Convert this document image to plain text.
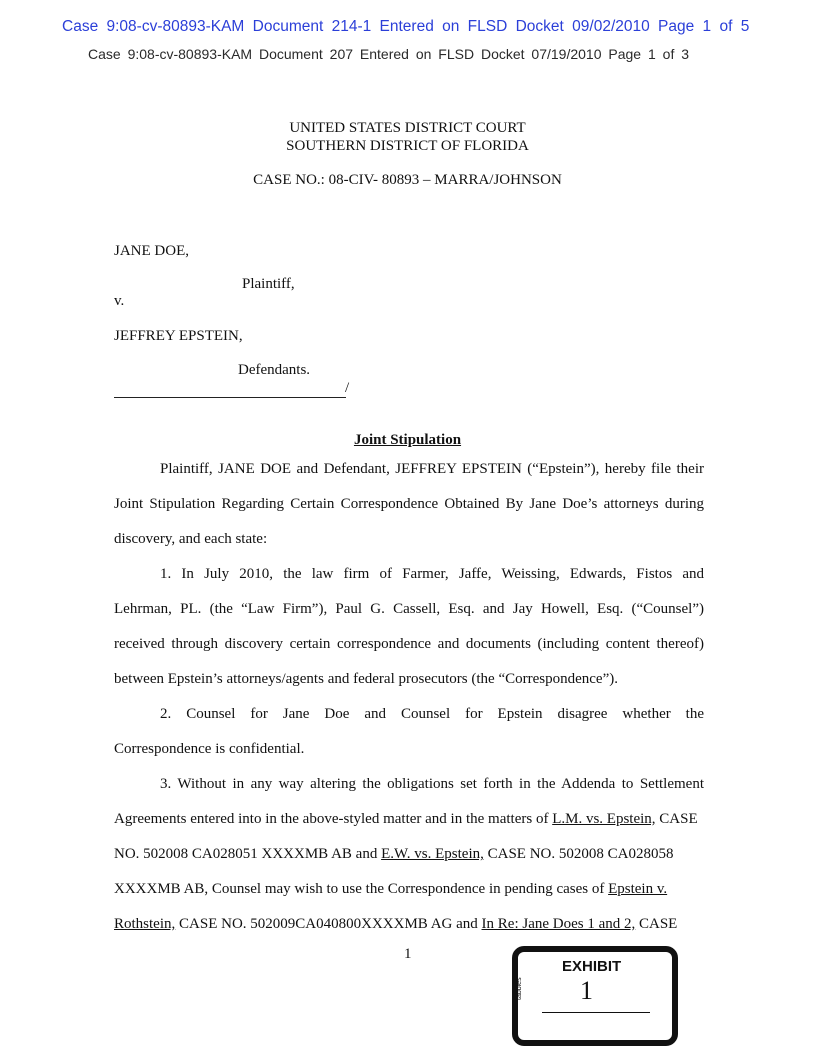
Case 9:08-cv-80893-KAM Document 214-1 Entered on FLSD Docket 09/02/2010 Page 1 of 5
Case 9:08-cv-80893-KAM Document 207 Entered on FLSD Docket 07/19/2010 Page 1 of 3
UNITED STATES DISTRICT COURT
SOUTHERN DISTRICT OF FLORIDA
CASE NO.: 08-CIV- 80893 – MARRA/JOHNSON
JANE DOE,
Plaintiff,
v.
JEFFREY EPSTEIN,
Defendants.
/
Joint Stipulation
Plaintiff, JANE DOE and Defendant, JEFFREY EPSTEIN (“Epstein”), hereby file their
Joint Stipulation Regarding Certain Correspondence Obtained By Jane Doe’s attorneys during
discovery, and each state:
1. In July 2010, the law firm of Farmer, Jaffe, Weissing, Edwards, Fistos and
Lehrman, PL. (the “Law Firm”), Paul G. Cassell, Esq. and Jay Howell, Esq. (“Counsel”)
received through discovery certain correspondence and documents (including content thereof)
between Epstein’s attorneys/agents and federal prosecutors (the “Correspondence”).
2. Counsel for Jane Doe and Counsel for Epstein disagree whether the
Correspondence is confidential.
3. Without in any way altering the obligations set forth in the Addenda to Settlement
Agreements entered into in the above-styled matter and in the matters of L.M. vs. Epstein, CASE
NO. 502008 CA028051 XXXXMB AB and E.W. vs. Epstein, CASE NO. 502008 CA028058
XXXXMB AB, Counsel may wish to use the Correspondence in pending cases of Epstein v.
Rothstein, CASE NO. 502009CA040800XXXXMB AG and In Re: Jane Does 1 and 2, CASE
1
EXHIBIT
tabbies 1
